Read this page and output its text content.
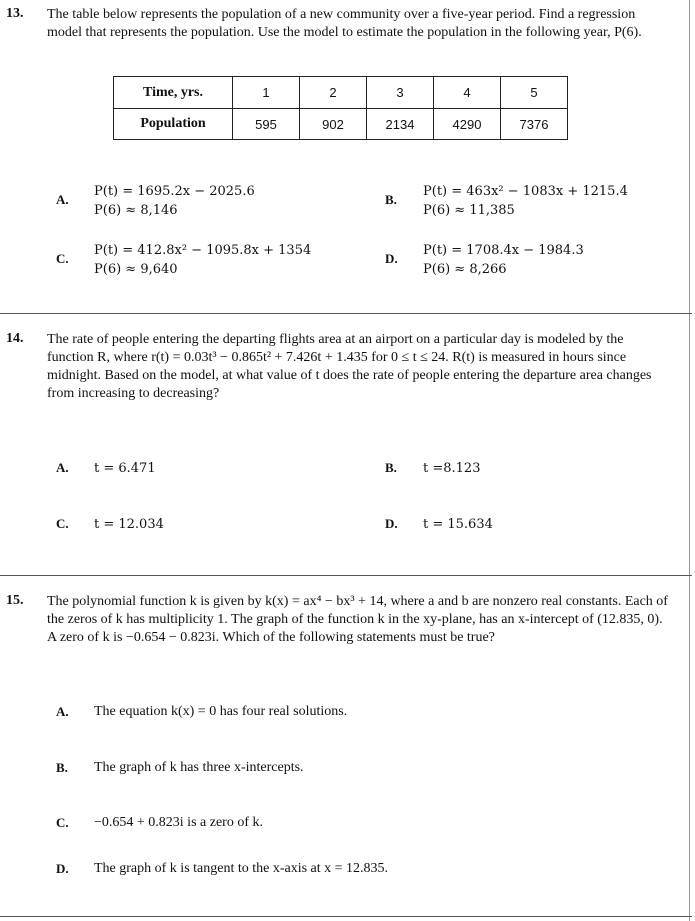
13. The table below represents the population of a new community over a five-year period. Find a regression model that represents the population. Use the model to estimate the population in the following year, P(6).
Time, yrs.	1	2	3	4	5
Population	595	902	2134	4290	7376
A.
P(t) = 1695.2x − 2025.6
P(6) ≈ 8,146
B.
P(t) = 463x² − 1083x + 1215.4
P(6) ≈ 11,385
C.
P(t) = 412.8x² − 1095.8x + 1354
P(6) ≈ 9,640
D.
P(t) = 1708.4x − 1984.3
P(6) ≈ 8,266
14. The rate of people entering the departing flights area at an airport on a particular day is modeled by the function R, where r(t) = 0.03t³ − 0.865t² + 7.426t + 1.435 for 0 ≤ t ≤ 24. R(t) is measured in hours since midnight. Based on the model, at what value of t does the rate of people entering the departure area changes from increasing to decreasing?
A. t = 6.471	B. t =8.123
C. t = 12.034	D. t = 15.634
15. The polynomial function k is given by k(x) = ax⁴ − bx³ + 14, where a and b are nonzero real constants. Each of the zeros of k has multiplicity 1. The graph of the function k in the xy-plane, has an x-intercept of (12.835, 0). A zero of k is −0.654 − 0.823i. Which of the following statements must be true?
A. The equation k(x) = 0 has four real solutions.
B. The graph of k has three x-intercepts.
C. −0.654 + 0.823i is a zero of k.
D. The graph of k is tangent to the x-axis at x = 12.835.
